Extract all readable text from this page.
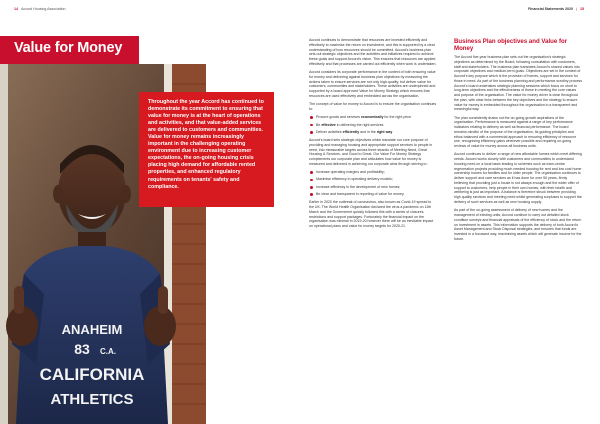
14 Accord Housing Association	Financial Statements 2020 | 15
ANAHEIM
83 C.A.
CALIFORNIA
ATHLETICS
Value for Money

Throughout the year Accord has continued to demonstrate its commitment to ensuring that value for money is at the heart of operations and activities, and that value-added services are delivered to customers and communities. Value for money remains increasingly important in the challenging operating environment due to increasing customer expectations, the on-going housing crisis placing high demand for affordable rented properties, and enhanced regulatory requirements on tenants' safety and compliance.

Accord continues to demonstrate that resources are invested efficiently and effectively to maximise the return on investment, and this is supported by a clear understanding of how resources should be committed. Accord's business plan sets out strategic objectives and the activities and initiatives required to achieve these goals and support Accord's vision. This ensures that resources are applied effectively and that processes are carried out efficiently when work is undertaken.

Accord considers its corporate performance in the context of both ensuring value for money and delivering against business plan objectives by measuring the actions taken to ensure services are not only high-quality, but deliver value for customers, communities and stakeholders. These activities are underpinned and supported by a board approved Value for Money Strategy which ensures that resources are used effectively and embedded across the organisation.

The concept of value for money to Accord is to ensure the organisation continues to:

Procure goods and services economically for the right price
Be effective in delivering the right services
Deliver activities efficiently and in the right way

Accord's board sets strategic objectives which translate our core purpose of providing and managing housing and appropriate support services to people in need, into measurable targets across three strands of Meeting Need, Great Housing & Services, and Good to Great. Our Value For Money Strategy complements our corporate plan and articulates how value for money is measured and delivered in achieving our corporate aims through striving to:

Increase operating margins and profitability;
Maximise efficiency in operating delivery models;
Increase efficiency in the development of new homes;
Be clear and transparent in reporting of value for money.

Earlier in 2020 the outbreak of coronavirus, also known as Covid-19 spread to the UK. The World Health Organisation declared the virus a pandemic on 11th March and the Government quickly followed this with a series of closures, restrictions and support packages. Fortunately the financial impact on the organisation was minimal in 2019-20 however there will be an inevitable impact on operational plans and value for money targets for 2020-21.

Business Plan objectives and Value for Money

The Accord five-year business plan sets out the organisation's strategic objectives as determined by the Board, following consultation with customers, staff and stakeholders. The business plan translates Accord's shared values into corporate objectives and medium-term goals. Objectives are set in the context of Accord's key purpose which is the provision of homes, support and services for those in need. As part of the business planning and performance scrutiny process Accord's board undertakes strategic planning sessions which focus on short to long-term objectives and the effectiveness of these in meeting the core values and purpose of the organisation. The value for money driver is clear throughout the plan, with clear links between the key objectives and the strategy to ensure value for money is embedded throughout the organisation in a transparent and meaningful way.

The plan consistently draws out the on-going growth aspirations of the organisation. Performance is measured against a range of key performance indicators relating to delivery as well as financial performance. The board remains mindful of the purpose of the organisation, its guiding principles and ethos balanced with a commercial approach to ensuring efficiency of resource use, recognising efficiency gains wherever possible and requiring on-going reviews of value for money across all business units.

Accord continues to deliver a range of new affordable homes which meet differing needs. Accord works closely with customers and communities to understand housing need on a local basis leading to schemes such as town-centre regeneration projects providing much needed housing for rent and low cost home ownership homes for families and for older people. The organisation continues to deliver support and care services as it has done for over 50 years, firmly believing that providing just a house is not always enough and the wider offer of support to customers, help people in their own homes, with their health and wellbeing is just as important. A balance is therefore struck between providing high quality services and meeting need whilst generating surpluses to support the delivery of such services as well as new housing supply.

As part of the on-going assessment of delivery of new homes and the management of existing units, Accord continue to carry out detailed stock condition surveys and financial appraisals of the efficiency of stock and the return on investment in assets. This information supports the delivery of both Accord's Asset Management and Stock Disposal strategies, and ensures that funds are invested in a focussed way, maximising assets which will generate income for the future.
